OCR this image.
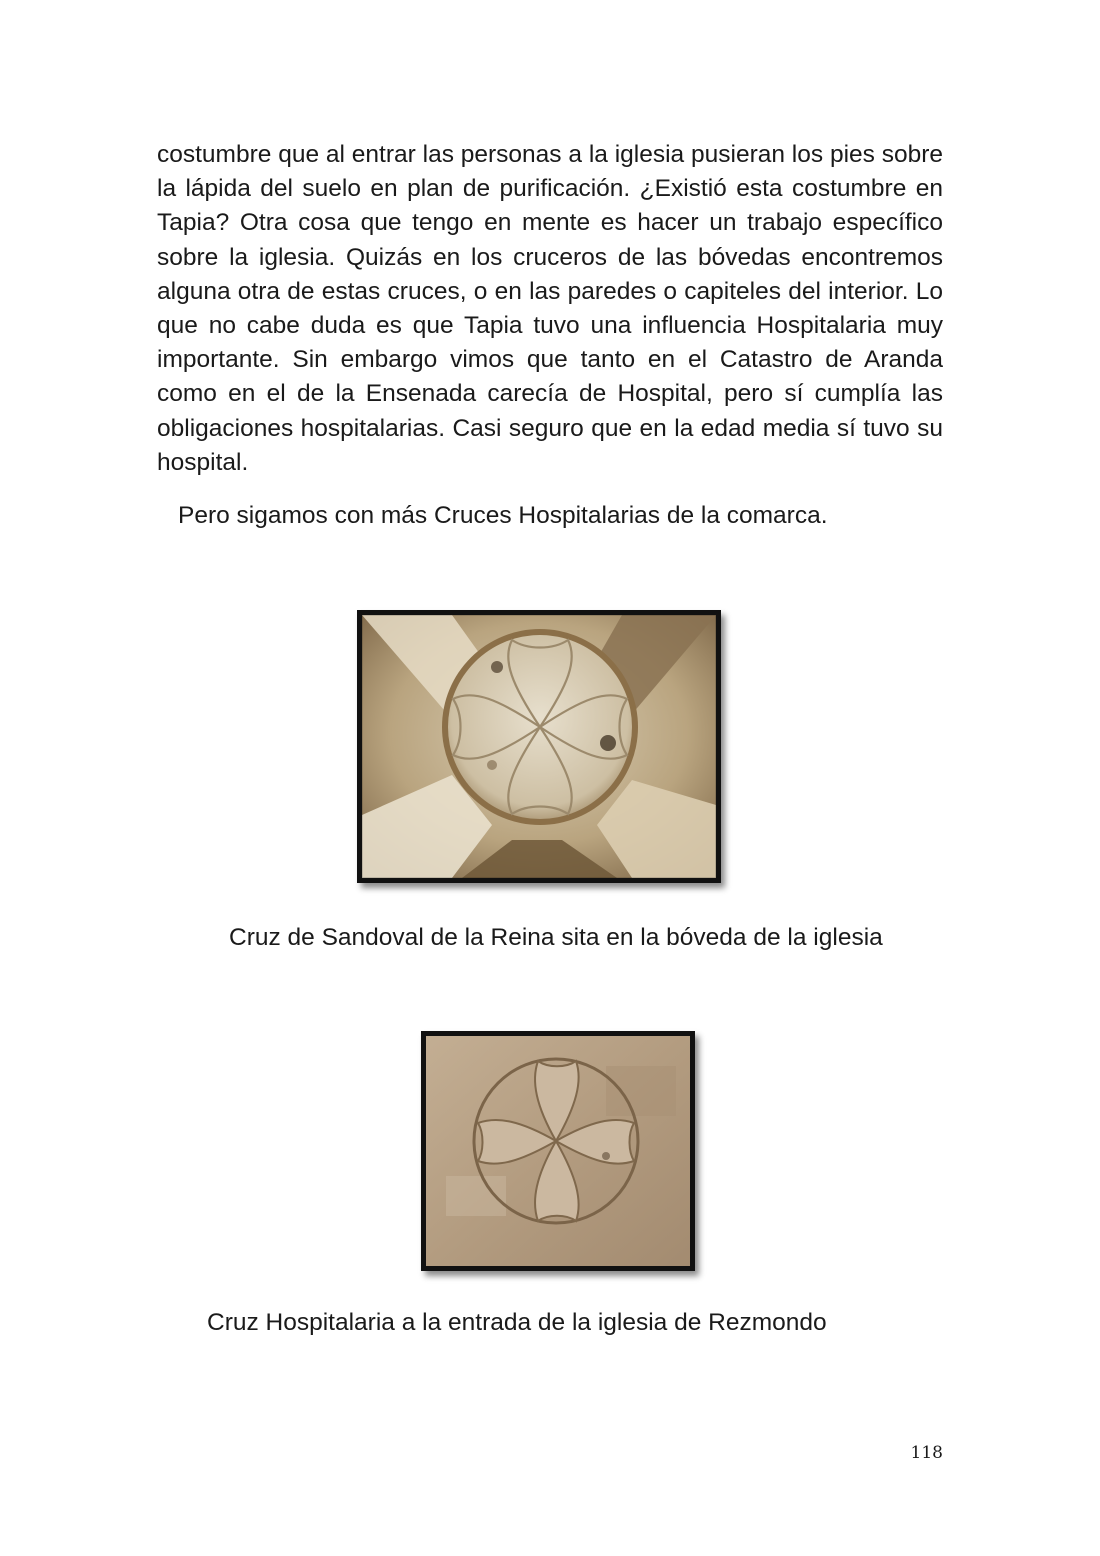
costumbre que al entrar las personas a la iglesia pusieran los pies sobre la lápida del suelo en plan de purificación. ¿Existió esta costumbre en Tapia? Otra cosa que tengo en mente es hacer un trabajo específico sobre la iglesia. Quizás en los cruceros de las bóvedas encontremos alguna otra de estas cruces, o en las paredes o capiteles del interior. Lo que no cabe duda es que Tapia tuvo una influencia Hospitalaria muy importante. Sin embargo vimos que tanto en el Catastro de Aranda como en el de la Ensenada carecía de Hospital, pero sí cumplía las obligaciones hospitalarias. Casi seguro que en la edad media sí tuvo su hospital.

Pero sigamos con más Cruces Hospitalarias de la comarca.

Cruz de Sandoval de la Reina sita en la bóveda de la iglesia

Cruz Hospitalaria a la entrada de la iglesia de Rezmondo

118
